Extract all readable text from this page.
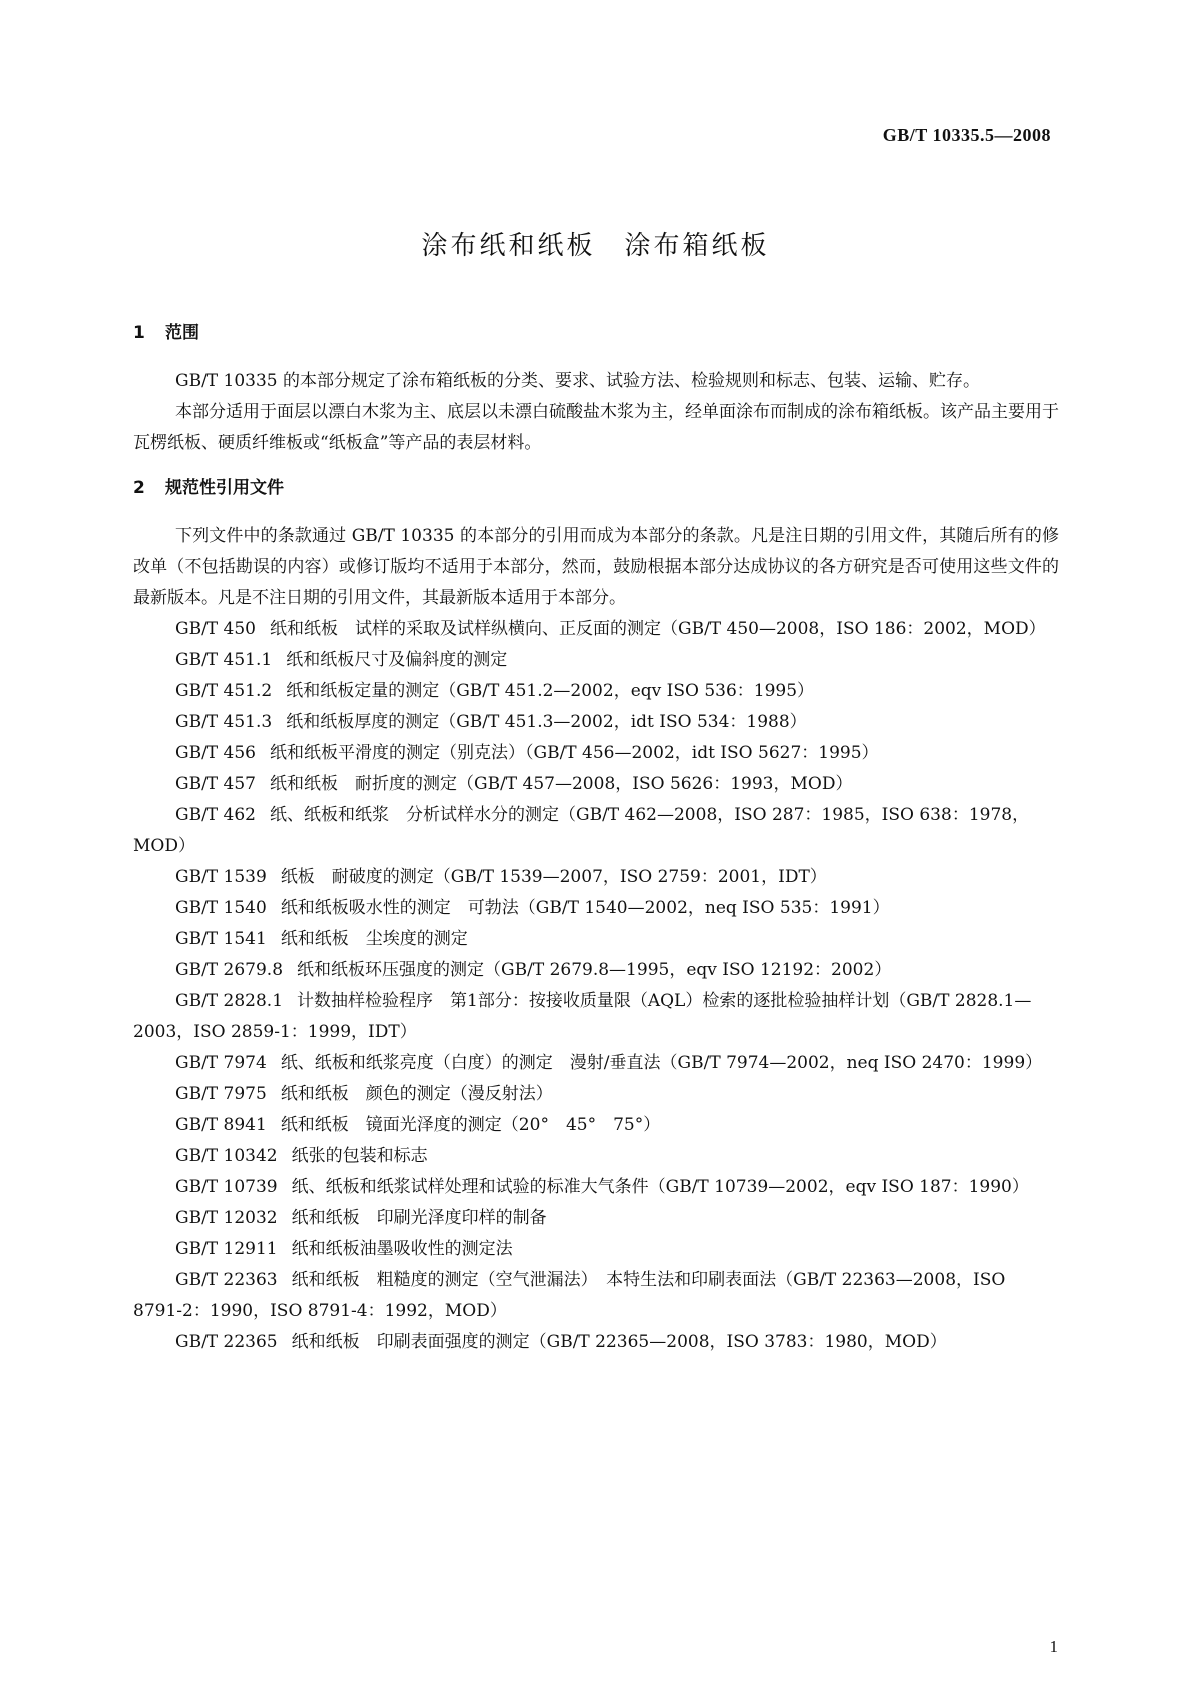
GB/T 10335.5—2008
涂布纸和纸板　涂布箱纸板
1 范围

GB/T 10335 的本部分规定了涂布箱纸板的分类、要求、试验方法、检验规则和标志、包装、运输、贮存。

本部分适用于面层以漂白木浆为主、底层以未漂白硫酸盐木浆为主，经单面涂布而制成的涂布箱纸板。该产品主要用于瓦楞纸板、硬质纤维板或“纸板盒”等产品的表层材料。

2 规范性引用文件

下列文件中的条款通过 GB/T 10335 的本部分的引用而成为本部分的条款。凡是注日期的引用文件，其随后所有的修改单（不包括勘误的内容）或修订版均不适用于本部分，然而，鼓励根据本部分达成协议的各方研究是否可使用这些文件的最新版本。凡是不注日期的引用文件，其最新版本适用于本部分。

GB/T 450 纸和纸板　试样的采取及试样纵横向、正反面的测定（GB/T 450—2008，ISO 186：2002，MOD）

GB/T 451.1 纸和纸板尺寸及偏斜度的测定

GB/T 451.2 纸和纸板定量的测定（GB/T 451.2—2002，eqv ISO 536：1995）

GB/T 451.3 纸和纸板厚度的测定（GB/T 451.3—2002，idt ISO 534：1988）

GB/T 456 纸和纸板平滑度的测定（别克法）（GB/T 456—2002，idt ISO 5627：1995）

GB/T 457 纸和纸板　耐折度的测定（GB/T 457—2008，ISO 5626：1993，MOD）

GB/T 462 纸、纸板和纸浆　分析试样水分的测定（GB/T 462—2008，ISO 287：1985，ISO 638：1978，MOD）

GB/T 1539 纸板　耐破度的测定（GB/T 1539—2007，ISO 2759：2001，IDT）

GB/T 1540 纸和纸板吸水性的测定　可勃法（GB/T 1540—2002，neq ISO 535：1991）

GB/T 1541 纸和纸板　尘埃度的测定

GB/T 2679.8 纸和纸板环压强度的测定（GB/T 2679.8—1995，eqv ISO 12192：2002）

GB/T 2828.1 计数抽样检验程序　第1部分：按接收质量限（AQL）检索的逐批检验抽样计划（GB/T 2828.1—2003，ISO 2859-1：1999，IDT）

GB/T 7974 纸、纸板和纸浆亮度（白度）的测定　漫射/垂直法（GB/T 7974—2002，neq ISO 2470：1999）

GB/T 7975 纸和纸板　颜色的测定（漫反射法）

GB/T 8941 纸和纸板　镜面光泽度的测定（20°　45°　75°）

GB/T 10342 纸张的包装和标志

GB/T 10739 纸、纸板和纸浆试样处理和试验的标准大气条件（GB/T 10739—2002，eqv ISO 187：1990）

GB/T 12032 纸和纸板　印刷光泽度印样的制备

GB/T 12911 纸和纸板油墨吸收性的测定法

GB/T 22363 纸和纸板　粗糙度的测定（空气泄漏法）　本特生法和印刷表面法（GB/T 22363—2008，ISO 8791-2：1990，ISO 8791-4：1992，MOD）

GB/T 22365 纸和纸板　印刷表面强度的测定（GB/T 22365—2008，ISO 3783：1980，MOD）

1
